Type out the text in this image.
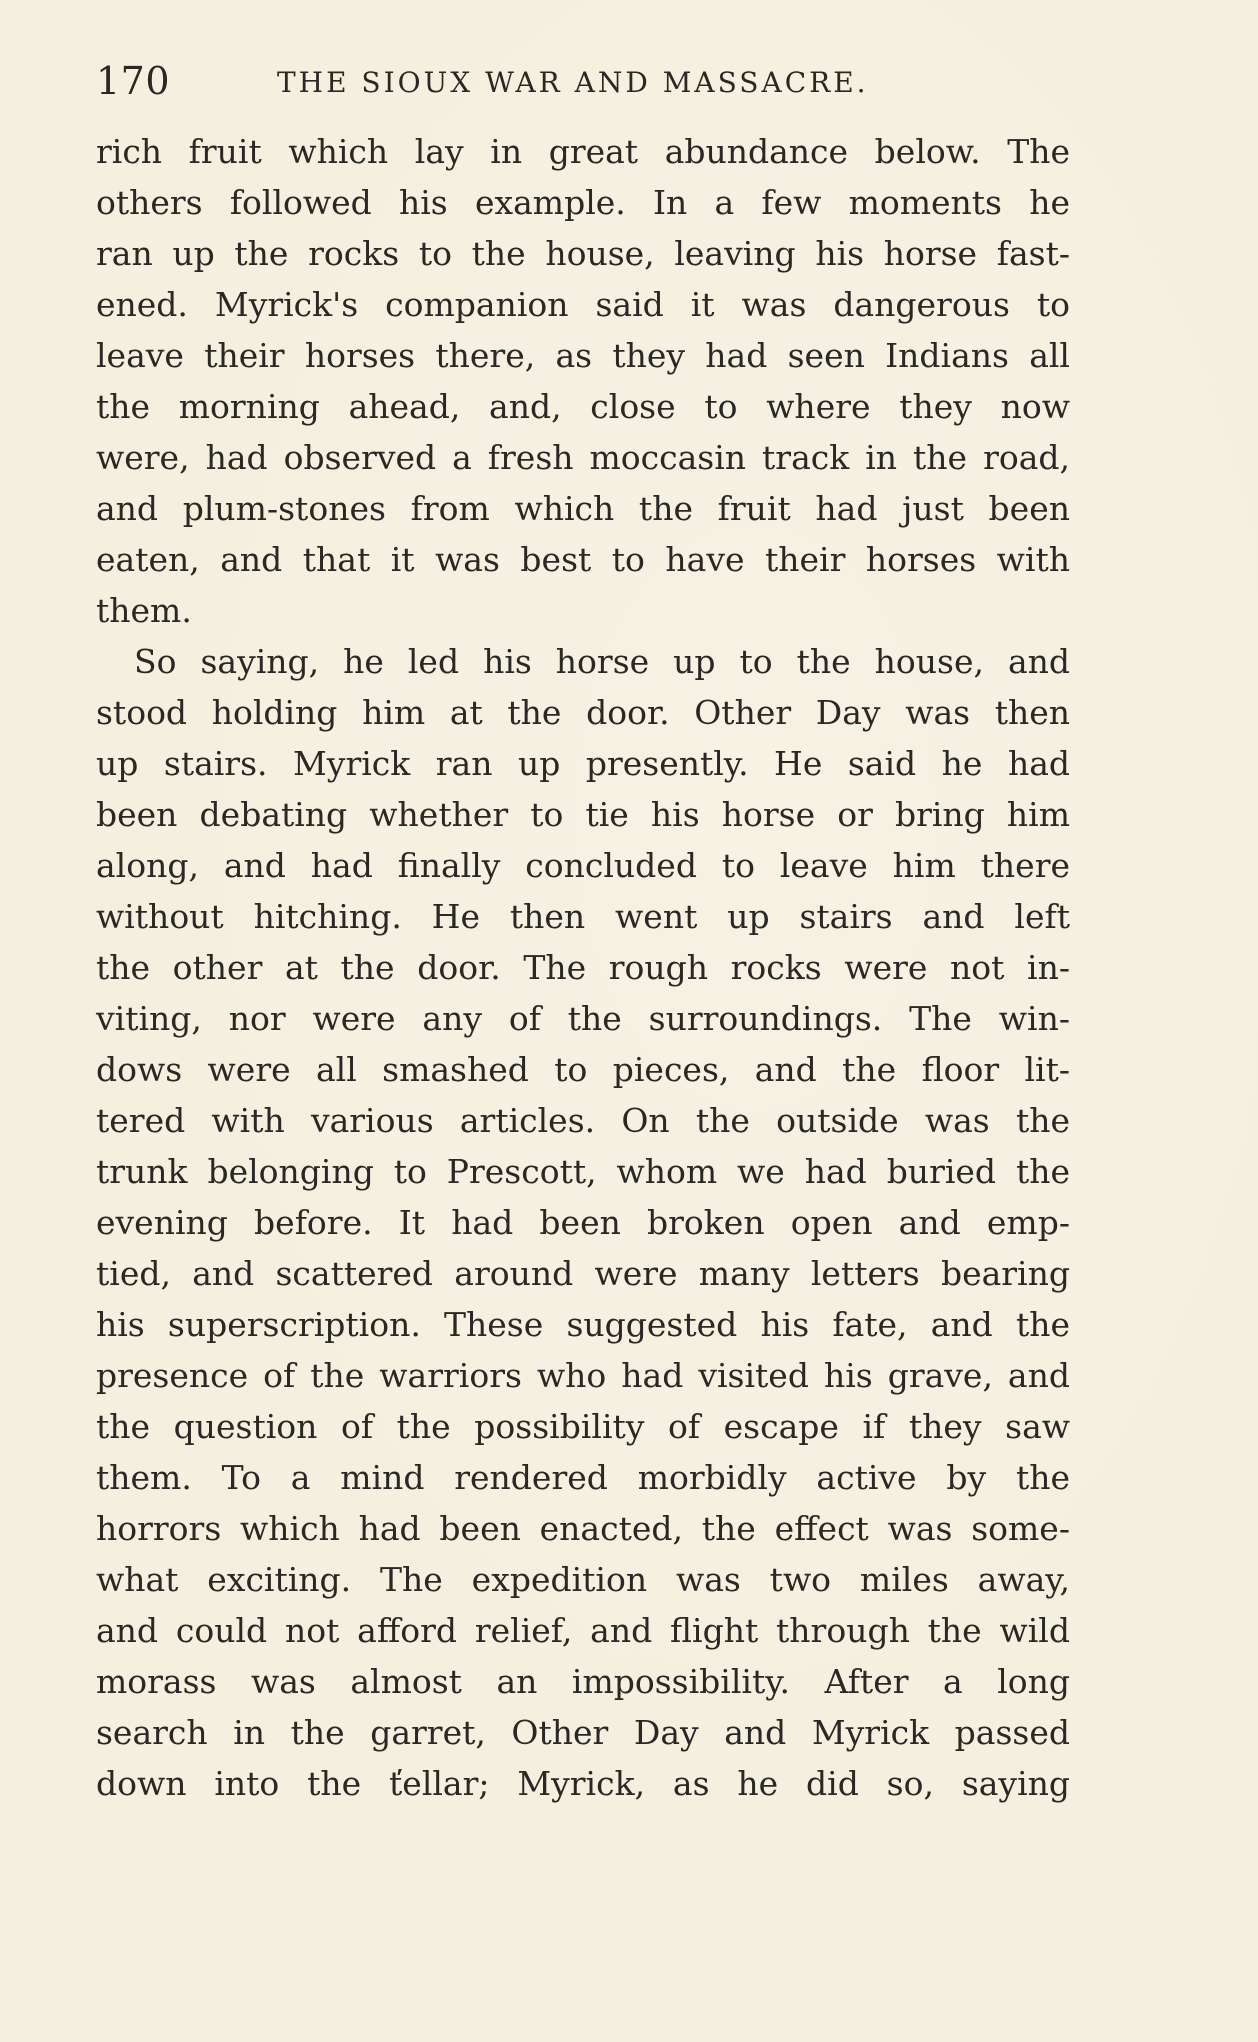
170	THE SIOUX WAR AND MASSACRE.
rich fruit which lay in great abundance below. The
others followed his example. In a few moments he
ran up the rocks to the house, leaving his horse fast-
ened. Myrick's companion said it was dangerous to
leave their horses there, as they had seen Indians all
the morning ahead, and, close to where they now
were, had observed a fresh moccasin track in the road,
and plum-stones from which the fruit had just been
eaten, and that it was best to have their horses with
them.
So saying, he led his horse up to the house, and
stood holding him at the door. Other Day was then
up stairs. Myrick ran up presently. He said he had
been debating whether to tie his horse or bring him
along, and had finally concluded to leave him there
without hitching. He then went up stairs and left
the other at the door. The rough rocks were not in-
viting, nor were any of the surroundings. The win-
dows were all smashed to pieces, and the floor lit-
tered with various articles. On the outside was the
trunk belonging to Prescott, whom we had buried the
evening before. It had been broken open and emp-
tied, and scattered around were many letters bearing
his superscription. These suggested his fate, and the
presence of the warriors who had visited his grave, and
the question of the possibility of escape if they saw
them. To a mind rendered morbidly active by the
horrors which had been enacted, the effect was some-
what exciting. The expedition was two miles away,
and could not afford relief, and flight through the wild
morass was almost an impossibility. After a long
search in the garret, Other Day and Myrick passed
down into the ťellar; Myrick, as he did so, saying
